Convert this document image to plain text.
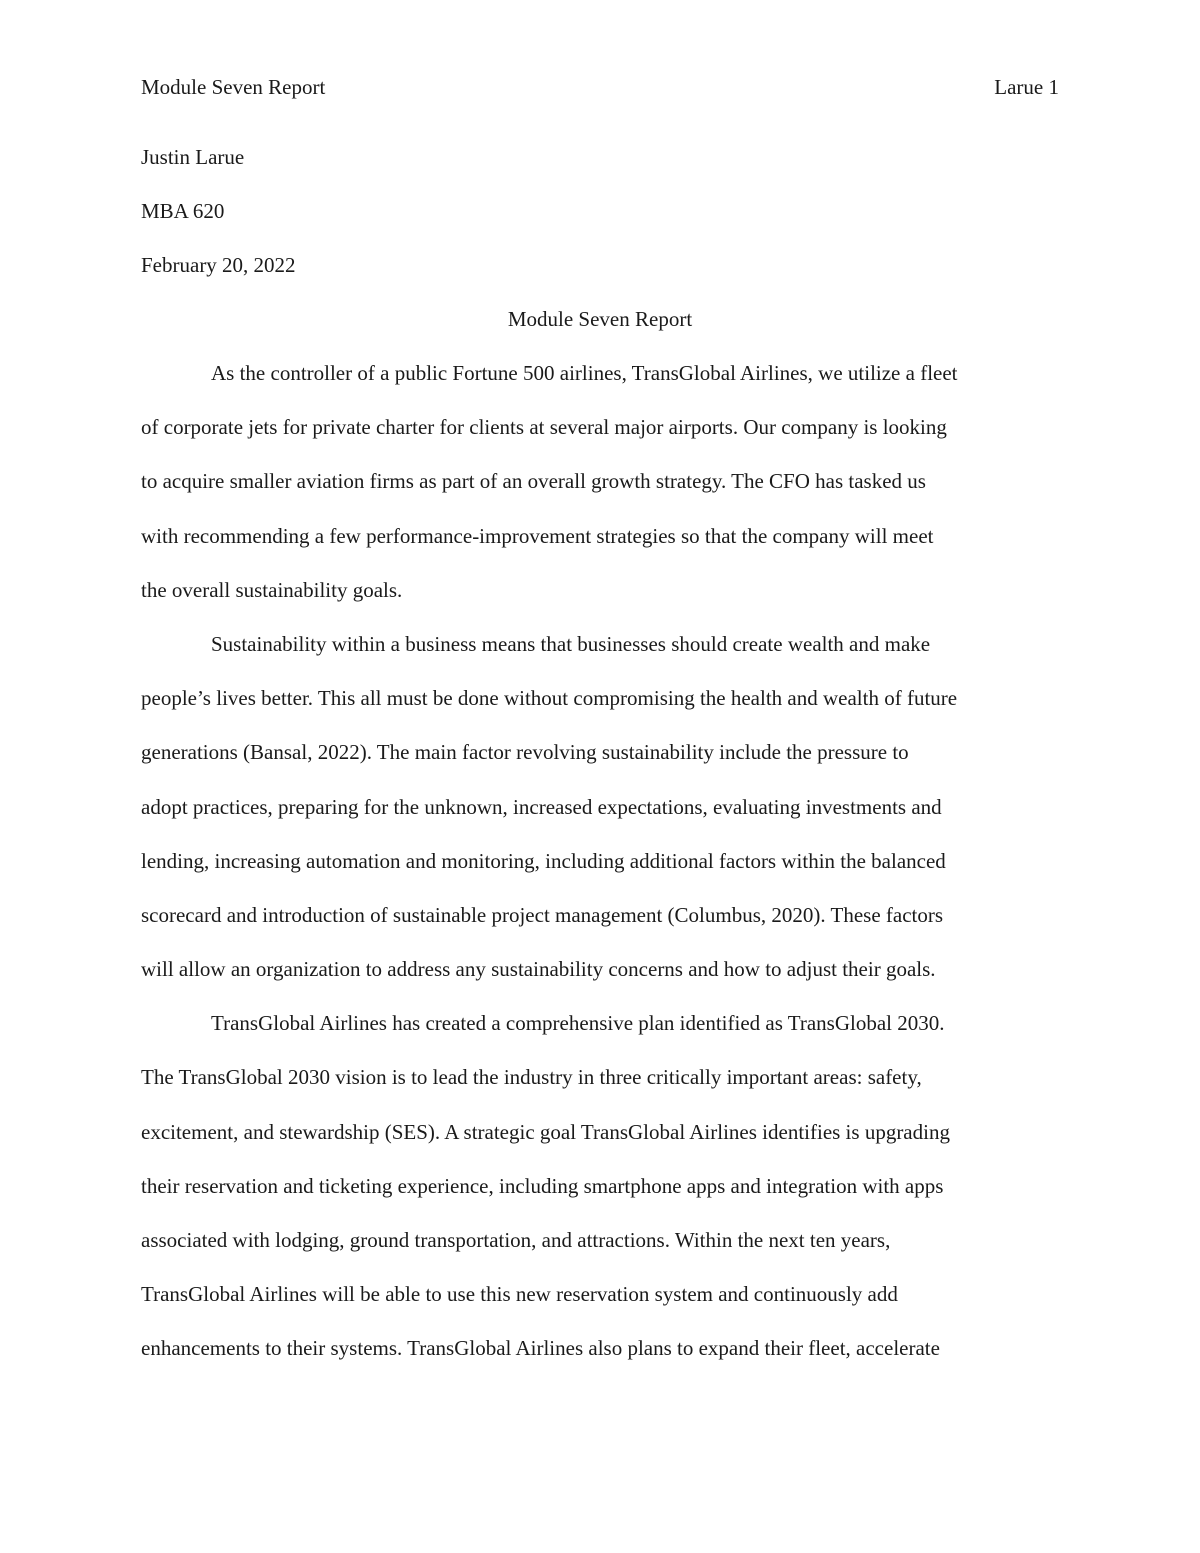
Module Seven Report	Larue 1
Justin Larue
MBA 620
February 20, 2022
Module Seven Report
As the controller of a public Fortune 500 airlines, TransGlobal Airlines, we utilize a fleet
of corporate jets for private charter for clients at several major airports. Our company is looking
to acquire smaller aviation firms as part of an overall growth strategy. The CFO has tasked us
with recommending a few performance-improvement strategies so that the company will meet
the overall sustainability goals.
Sustainability within a business means that businesses should create wealth and make
people’s lives better. This all must be done without compromising the health and wealth of future
generations (Bansal, 2022). The main factor revolving sustainability include the pressure to
adopt practices, preparing for the unknown, increased expectations, evaluating investments and
lending, increasing automation and monitoring, including additional factors within the balanced
scorecard and introduction of sustainable project management (Columbus, 2020). These factors
will allow an organization to address any sustainability concerns and how to adjust their goals.
TransGlobal Airlines has created a comprehensive plan identified as TransGlobal 2030.
The TransGlobal 2030 vision is to lead the industry in three critically important areas: safety,
excitement, and stewardship (SES). A strategic goal TransGlobal Airlines identifies is upgrading
their reservation and ticketing experience, including smartphone apps and integration with apps
associated with lodging, ground transportation, and attractions. Within the next ten years,
TransGlobal Airlines will be able to use this new reservation system and continuously add
enhancements to their systems. TransGlobal Airlines also plans to expand their fleet, accelerate
